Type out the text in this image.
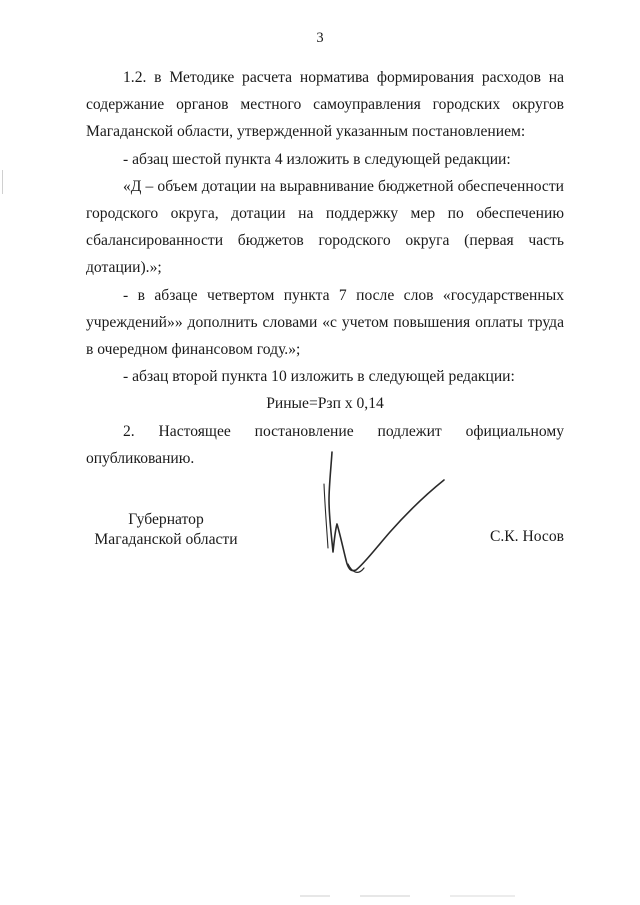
3

1.2. в Методике расчета норматива формирования расходов на содержание органов местного самоуправления городских округов Магаданской области, утвержденной указанным постановлением:

- абзац шестой пункта 4 изложить в следующей редакции:

«Д – объем дотации на выравнивание бюджетной обеспеченности городского округа, дотации на поддержку мер по обеспечению сбалансированности бюджетов городского округа (первая часть дотации).»;

- в абзаце четвертом пункта 7 после слов «государственных учреждений»» дополнить словами «с учетом повышения оплаты труда в очередном финансовом году.»;

- абзац второй пункта 10 изложить в следующей редакции:

Риные=Рзп х 0,14

2. Настоящее постановление подлежит официальному опубликованию.

Губернатор
Магаданской области	С.К. Носов
